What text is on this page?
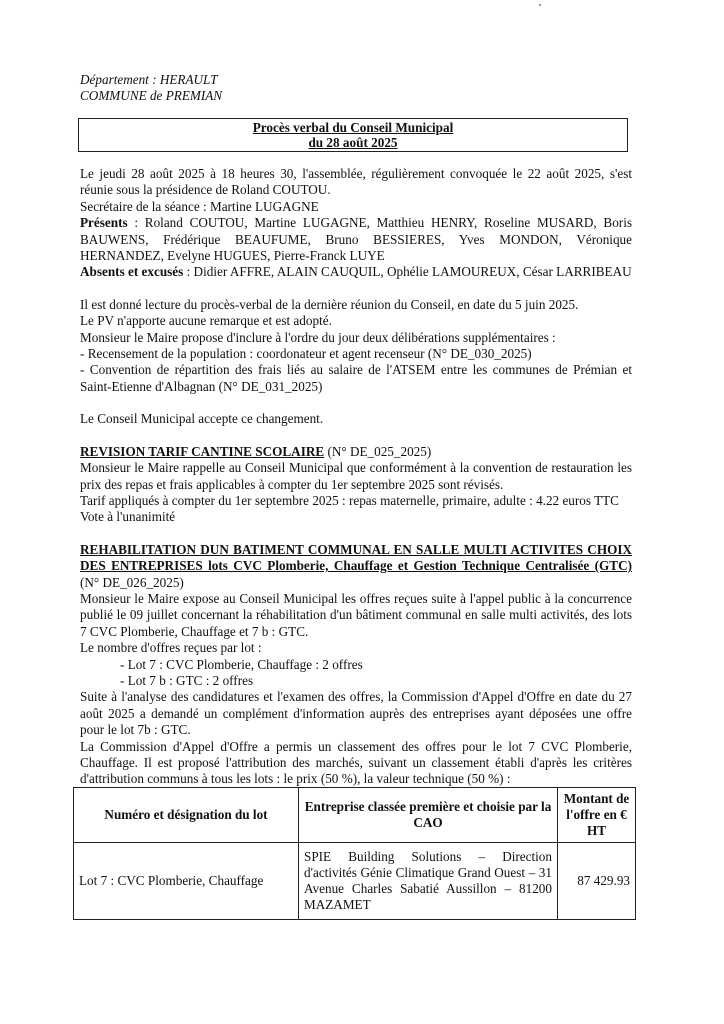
Département : HERAULT
COMMUNE de PREMIAN
Procès verbal du Conseil Municipal
du 28 août 2025

Le jeudi 28 août 2025 à 18 heures 30, l'assemblée, régulièrement convoquée le 22 août 2025, s'est réunie sous la présidence de Roland COUTOU.

Secrétaire de la séance : Martine LUGAGNE

Présents : Roland COUTOU, Martine LUGAGNE, Matthieu HENRY, Roseline MUSARD, Boris BAUWENS, Frédérique BEAUFUME, Bruno BESSIERES, Yves MONDON, Véronique HERNANDEZ, Evelyne HUGUES, Pierre-Franck LUYE

Absents et excusés : Didier AFFRE, ALAIN CAUQUIL, Ophélie LAMOUREUX, César LARRIBEAU

Il est donné lecture du procès-verbal de la dernière réunion du Conseil, en date du 5 juin 2025.

Le PV n'apporte aucune remarque et est adopté.

Monsieur le Maire propose d'inclure à l'ordre du jour deux délibérations supplémentaires :

- Recensement de la population : coordonateur et agent recenseur (N° DE_030_2025)

- Convention de répartition des frais liés au salaire de l'ATSEM entre les communes de Prémian et Saint-Etienne d'Albagnan (N° DE_031_2025)

Le Conseil Municipal accepte ce changement.

REVISION TARIF CANTINE SCOLAIRE (N° DE_025_2025)

Monsieur le Maire rappelle au Conseil Municipal que conformément à la convention de restauration les prix des repas et frais applicables à compter du 1er septembre 2025 sont révisés.

Tarif appliqués à compter du 1er septembre 2025 : repas maternelle, primaire, adulte : 4.22 euros TTC

Vote à l'unanimité

REHABILITATION DUN BATIMENT COMMUNAL EN SALLE MULTI ACTIVITES CHOIX DES ENTREPRISES lots CVC Plomberie, Chauffage et Gestion Technique Centralisée (GTC) (N° DE_026_2025)

Monsieur le Maire expose au Conseil Municipal les offres reçues suite à l'appel public à la concurrence publié le 09 juillet concernant la réhabilitation d'un bâtiment communal en salle multi activités, des lots 7 CVC Plomberie, Chauffage et 7 b : GTC.

Le nombre d'offres reçues par lot :

- Lot 7 : CVC Plomberie, Chauffage : 2 offres

- Lot 7 b : GTC : 2 offres

Suite à l'analyse des candidatures et l'examen des offres, la Commission d'Appel d'Offre en date du 27 août 2025 a demandé un complément d'information auprès des entreprises ayant déposées une offre pour le lot 7b : GTC.

La Commission d'Appel d'Offre a permis un classement des offres pour le lot 7 CVC Plomberie, Chauffage. Il est proposé l'attribution des marchés, suivant un classement établi d'après les critères d'attribution communs à tous les lots : le prix (50 %), la valeur technique (50 %) :

Numéro et désignation du lot	Entreprise classée première et choisie par la CAO	Montant de l'offre en € HT
Lot 7 : CVC Plomberie, Chauffage	SPIE Building Solutions – Direction d'activités Génie Climatique Grand Ouest – 31 Avenue Charles Sabatié Aussillon – 81200 MAZAMET	87 429.93
